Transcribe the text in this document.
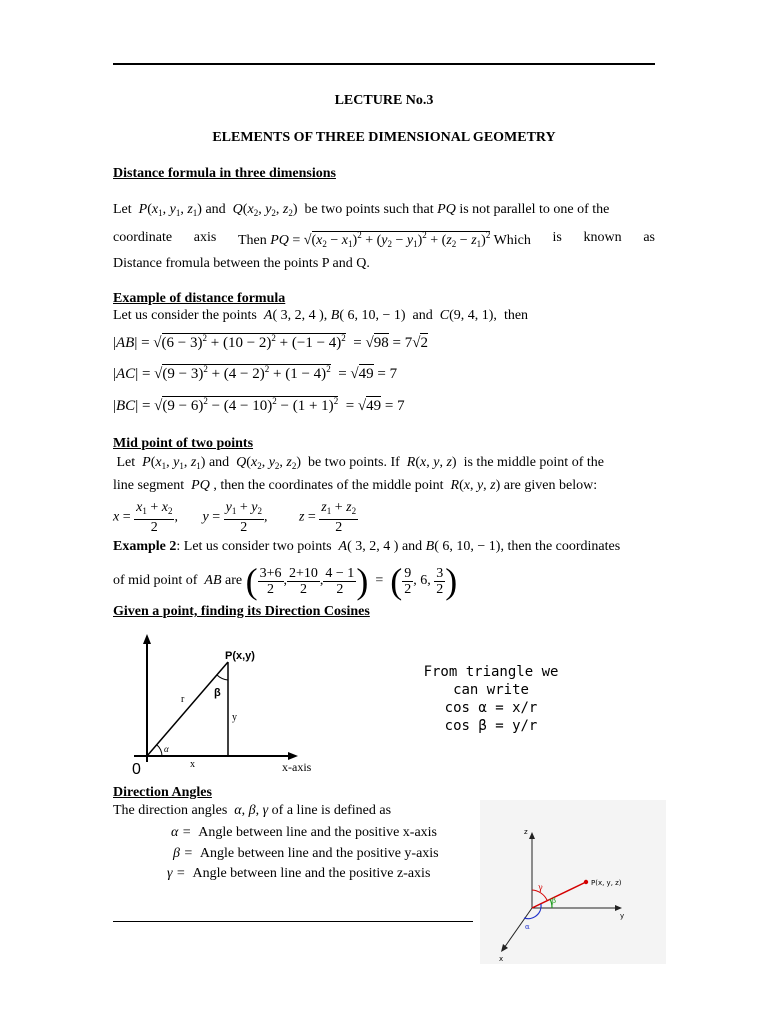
LECTURE No.3
ELEMENTS OF THREE DIMENSIONAL GEOMETRY
Distance formula in three dimensions
Let $P(x_1$, $y_1$, $z_1$) and $Q(x_2$, $y_2$, $z_2$)  be two points such that PQ is not parallel to one of the
coordinate axis Then PQ = $√(x_2 - x_1)^2 + (y_2 - y_1)^2 + (z_2 - z_1)^2$ Which is known as
Distance fromula between the points P and Q.
Example of distance formula
Let us consider the points A( 3, 2, 4 ), B( 6, 10, − 1)  and  C(9, 4, 1),  then
$|AB| = √(6 - 3)^2 + (10 - 2)^2 + (-1 - 4)^2 = √98 = 7√2$
$|AC| = √(9 - 3)^2 + (4 - 2)^2 + (1 - 4)^2 = √49 = 7$
$|BC| = √(9 - 6)^2 - (4 - 10)^2 - (1 + 1)^2 = √49 = 7$
Mid point of two points
Let $P(x_1$, $y_1$, $z_1$) and $Q(x_2$, $y_2$, $z_2$)  be two points. If R(x, y, z)  is the middle point of the
line segment PQ , then the coordinates of the middle point R(x, y, z) are given below:
$x = \frac{x_1 + x_2}{2}$ ,       $y = \frac{y_1 + y_2}{2}$ ,         $z = \frac{z_1 + z_2}{2}$
Example 2: Let us consider two points A( 3, 2, 4 ) and B( 6, 10, − 1), then the coordinates
of mid point of AB are ( $\frac{3+6}{2}$ , $\frac{2+10}{2}$ , $\frac{4 - 1}{2}$ )  =  ( $\frac{9}{2}$ , 6, $\frac{3}{2}$ )
Given a point, finding its Direction Cosines
P(x,y)
r
β
y
α
x
0	x-axis
From triangle we
can write
cos α = x/r
cos β = y/r
Direction Angles
The direction angles α, β, γ of a line is defined as
α = Angle between line and the positive x-axis
β = Angle between line and the positive y-axis
γ = Angle between line and the positive z-axis
z
y
x
P(x, y, z)
γ
β
α
